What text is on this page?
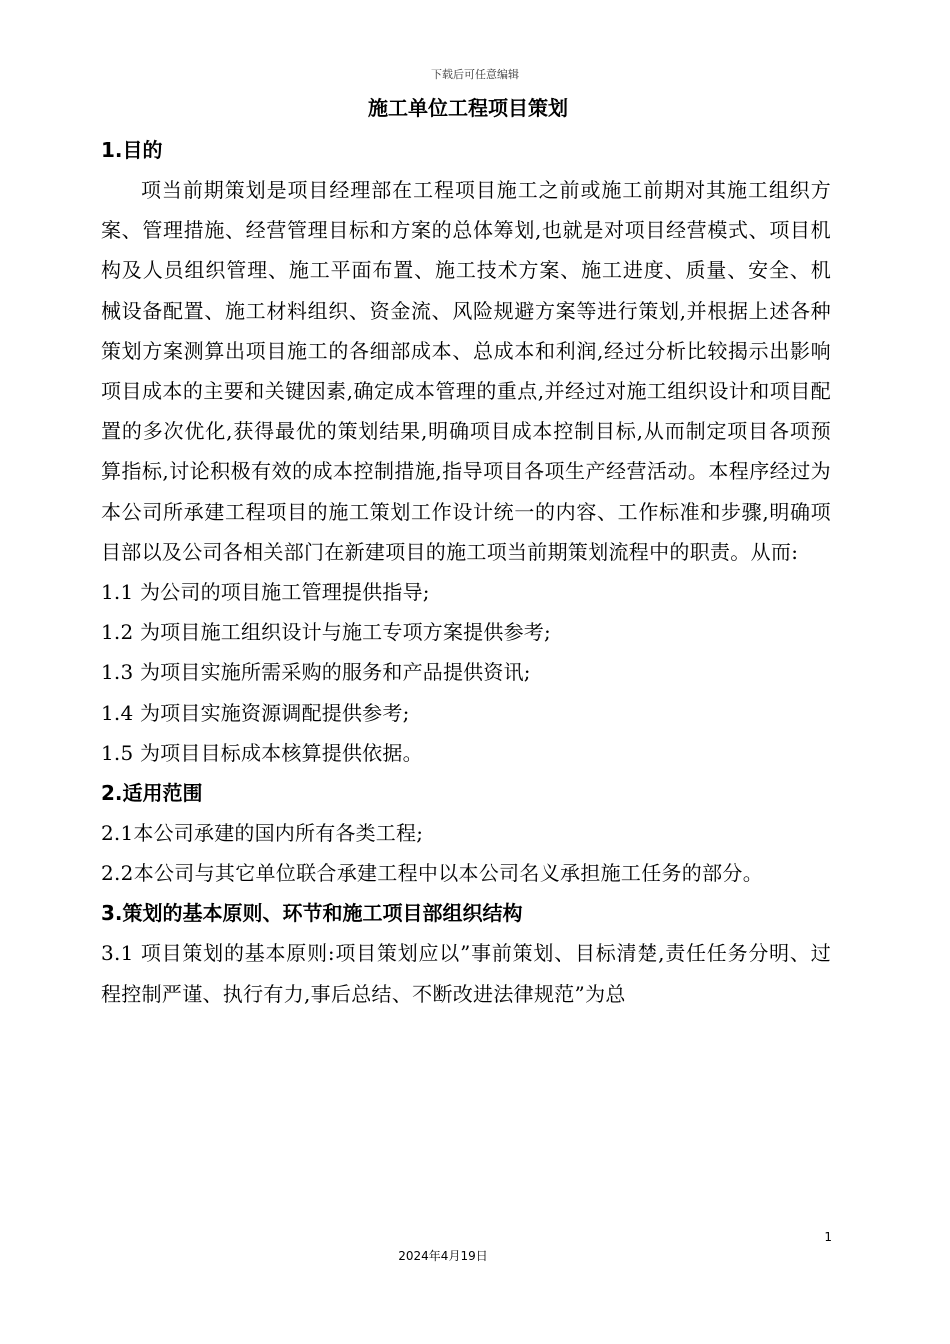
下载后可任意编辑
施工单位工程项目策划
1.目的

项当前期策划是项目经理部在工程项目施工之前或施工前期对其施工组织方案、管理措施、经营管理目标和方案的总体筹划,也就是对项目经营模式、项目机构及人员组织管理、施工平面布置、施工技术方案、施工进度、质量、安全、机械设备配置、施工材料组织、资金流、风险规避方案等进行策划,并根据上述各种策划方案测算出项目施工的各细部成本、总成本和利润,经过分析比较揭示出影响项目成本的主要和关键因素,确定成本管理的重点,并经过对施工组织设计和项目配置的多次优化,获得最优的策划结果,明确项目成本控制目标,从而制定项目各项预算指标,讨论积极有效的成本控制措施,指导项目各项生产经营活动。本程序经过为本公司所承建工程项目的施工策划工作设计统一的内容、工作标准和步骤,明确项目部以及公司各相关部门在新建项目的施工项当前期策划流程中的职责。从而:

1.1 为公司的项目施工管理提供指导;

1.2 为项目施工组织设计与施工专项方案提供参考;

1.3 为项目实施所需采购的服务和产品提供资讯;

1.4 为项目实施资源调配提供参考;

1.5 为项目目标成本核算提供依据。

2.适用范围

2.1本公司承建的国内所有各类工程;

2.2本公司与其它单位联合承建工程中以本公司名义承担施工任务的部分。

3.策划的基本原则、环节和施工项目部组织结构

3.1 项目策划的基本原则:项目策划应以”事前策划、目标清楚,责任任务分明、过程控制严谨、执行有力,事后总结、不断改进法律规范”为总

1
2024年4月19日
